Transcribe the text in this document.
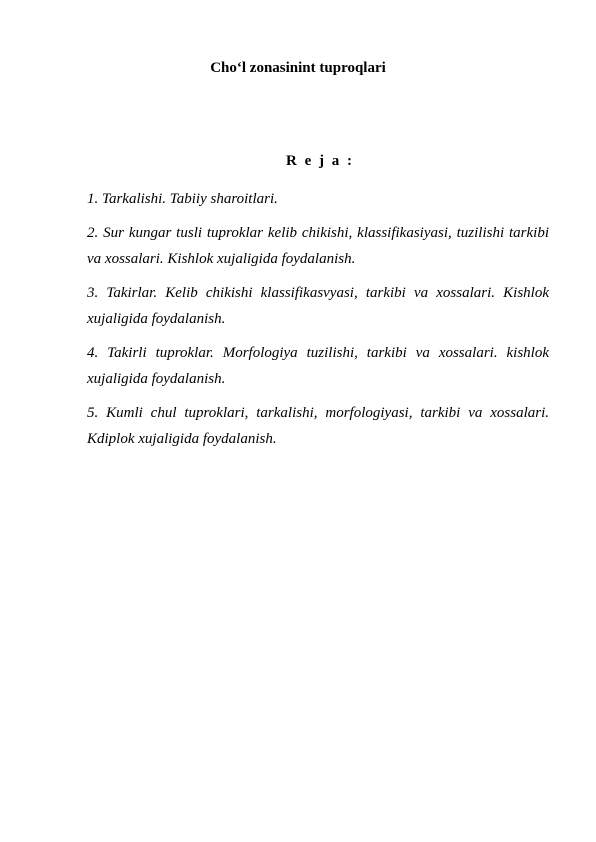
Cho‘l zonasinint tuproqlari
R e j a :
1. Tarkalishi. Tabiiy sharoitlari.
2. Sur kungar tusli tuproklar kelib chikishi, klassifikasiyasi, tuzilishi tarkibi va xossalari. Kishlok xujaligida foydalanish.
3. Takirlar. Kelib chikishi klassifikasvyasi, tarkibi va xossalari. Kishlok xujaligida foydalanish.
4. Takirli tuproklar. Morfologiya tuzilishi, tarkibi va xossalari. kishlok xujaligida foydalanish.
5. Kumli chul tuproklari, tarkalishi, morfologiyasi, tarkibi va xossalari. Kdiplok xujaligida foydalanish.
